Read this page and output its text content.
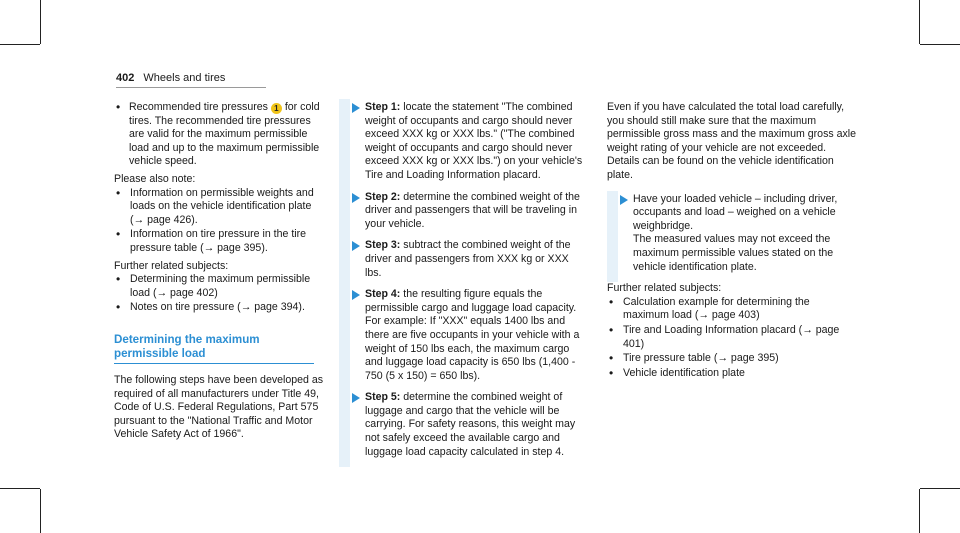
402 Wheels and tires
• Recommended tire pressures 1 for cold tires. The recommended tire pressures are valid for the maximum permissible load and up to the maximum permissible vehicle speed.

Please also note:

• Information on permissible weights and loads on the vehicle identification plate (→ page 426).
• Information on tire pressure in the tire pressure table (→ page 395).

Further related subjects:

• Determining the maximum permissible load (→ page 402)
• Notes on tire pressure (→ page 394).
Determining the maximum permissible load

The following steps have been developed as required of all manufacturers under Title 49, Code of U.S. Federal Regulations, Part 575 pursuant to the "National Traffic and Motor Vehicle Safety Act of 1966".

Step 1: locate the statement "The combined weight of occupants and cargo should never exceed XXX kg or XXX lbs." ("The combined weight of occupants and cargo should never exceed XXX kg or XXX lbs.") on your vehicle's Tire and Loading Information placard.
Step 2: determine the combined weight of the driver and passengers that will be traveling in your vehicle.
Step 3: subtract the combined weight of the driver and passengers from XXX kg or XXX lbs.
Step 4: the resulting figure equals the permissible cargo and luggage load capacity. For example: If "XXX" equals 1400 lbs and there are five occupants in your vehicle with a weight of 150 lbs each, the maximum cargo and luggage load capacity is 650 lbs (1,400 - 750 (5 x 150) = 650 lbs).
Step 5: determine the combined weight of luggage and cargo that the vehicle will be carrying. For safety reasons, this weight may not safely exceed the available cargo and luggage load capacity calculated in step 4.

Even if you have calculated the total load carefully, you should still make sure that the maximum permissible gross mass and the maximum gross axle weight rating of your vehicle are not exceeded. Details can be found on the vehicle identification plate.

Have your loaded vehicle – including driver, occupants and load – weighed on a vehicle weighbridge.

The measured values may not exceed the maximum permissible values stated on the vehicle identification plate.

Further related subjects:

• Calculation example for determining the maximum load (→ page 403)
• Tire and Loading Information placard (→ page 401)
• Tire pressure table (→ page 395)
• Vehicle identification plate
